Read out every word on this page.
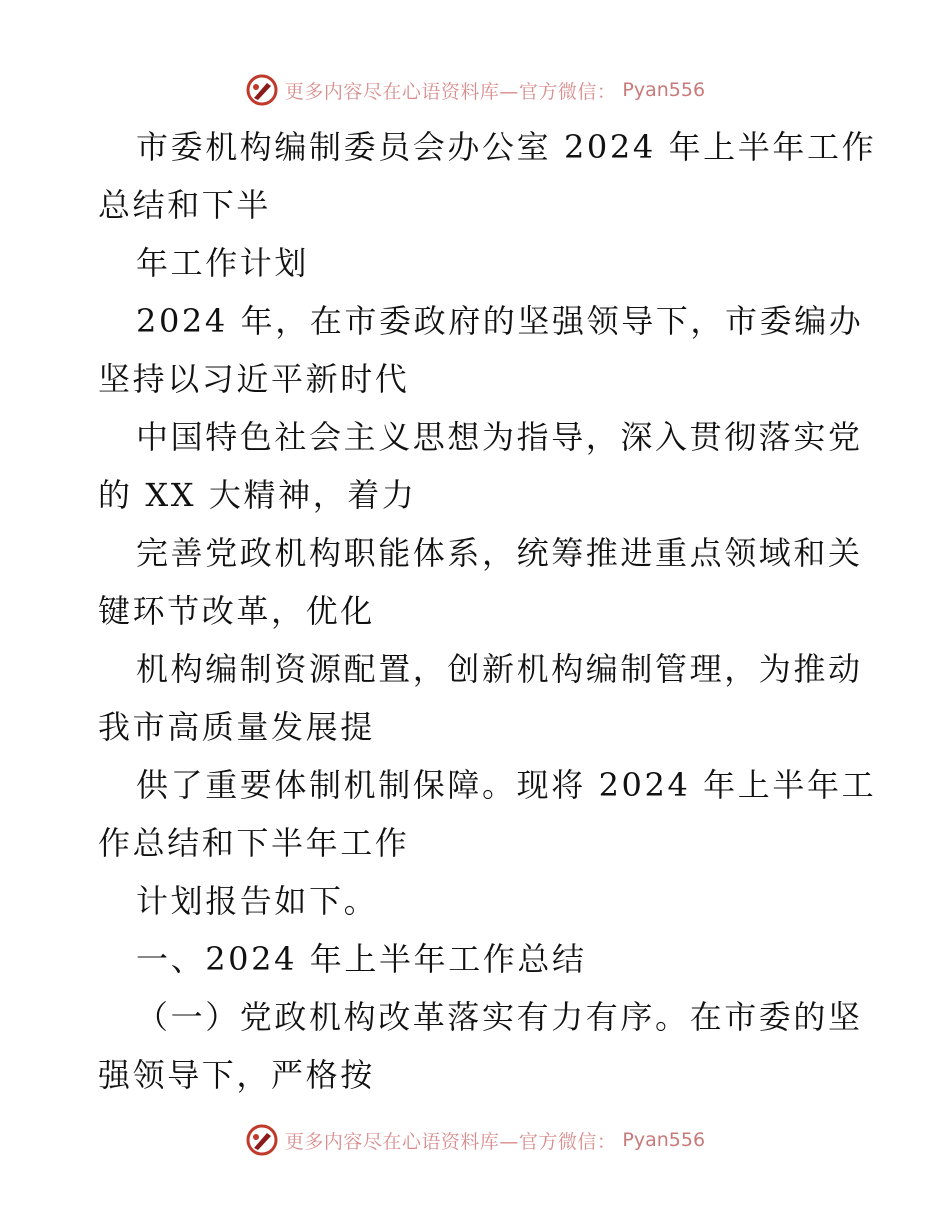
更多内容尽在心语资料库—官方微信： Pyan556
市委机构编制委员会办公室 2024 年上半年工作
总结和下半
年工作计划
2024 年，在市委政府的坚强领导下，市委编办
坚持以习近平新时代
中国特色社会主义思想为指导，深入贯彻落实党
的 XX 大精神，着力
完善党政机构职能体系，统筹推进重点领域和关
键环节改革，优化
机构编制资源配置，创新机构编制管理，为推动
我市高质量发展提
供了重要体制机制保障。现将 2024 年上半年工
作总结和下半年工作
计划报告如下。
一、2024 年上半年工作总结
（一）党政机构改革落实有力有序。在市委的坚
强领导下，严格按
更多内容尽在心语资料库—官方微信： Pyan556
